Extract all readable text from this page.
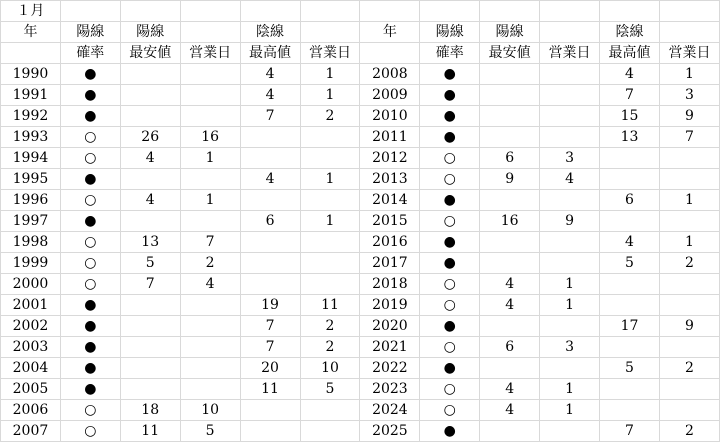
１月											
年	陽線	陽線		陰線		年	陽線	陽線		陰線	
	確率	最安値	営業日	最高値	営業日		確率	最安値	営業日	最高値	営業日
1990	●			4	1	2008	●			4	1
1991	●			4	1	2009	●			7	3
1992	●			7	2	2010	●			15	9
1993	○	26	16			2011	●			13	7
1994	○	4	1			2012	○	6	3		
1995	●			4	1	2013	○	9	4		
1996	○	4	1			2014	●			6	1
1997	●			6	1	2015	○	16	9		
1998	○	13	7			2016	●			4	1
1999	○	5	2			2017	●			5	2
2000	○	7	4			2018	○	4	1		
2001	●			19	11	2019	○	4	1		
2002	●			7	2	2020	●			17	9
2003	●			7	2	2021	○	6	3		
2004	●			20	10	2022	●			5	2
2005	●			11	5	2023	○	4	1		
2006	○	18	10			2024	○	4	1		
2007	○	11	5			2025	●			7	2
